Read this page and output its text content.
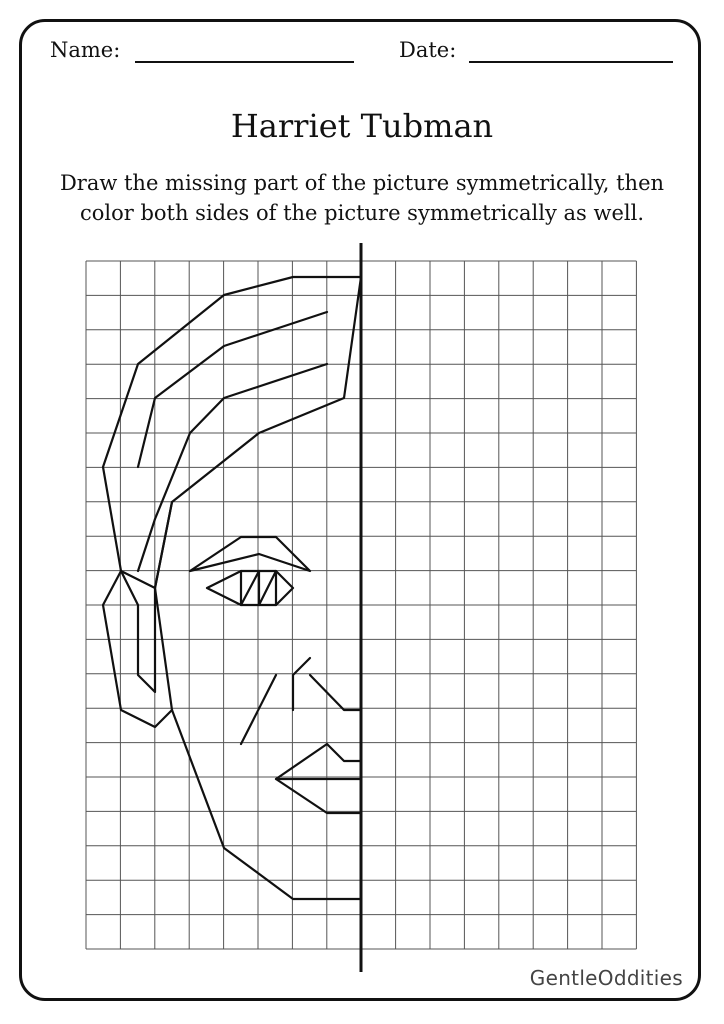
Name:	Date:
Harriet Tubman
Draw the missing part of the picture symmetrically, then
color both sides of the picture symmetrically as well.
GentleOddities
